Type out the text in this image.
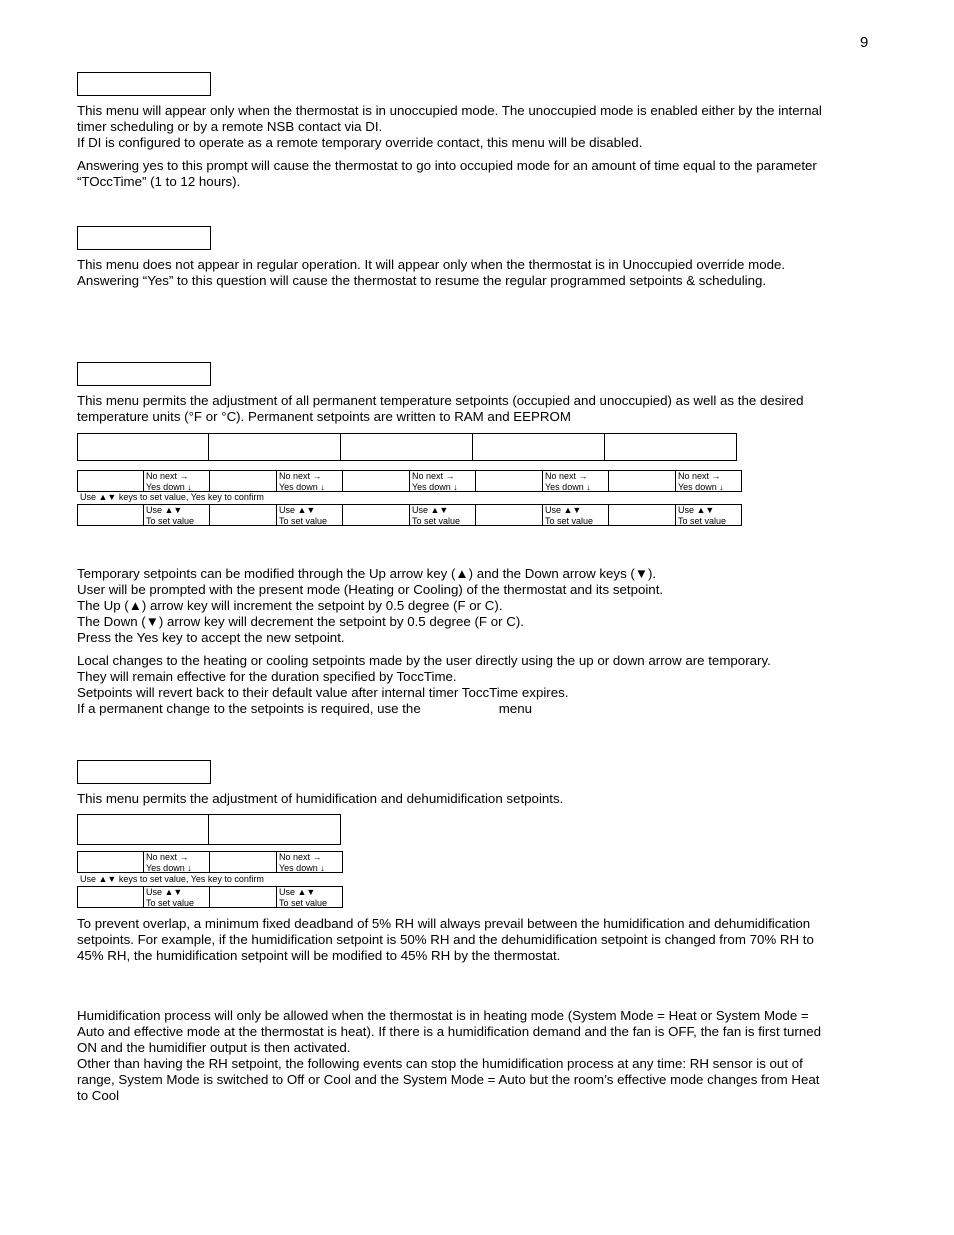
9
This menu will appear only when the thermostat is in unoccupied mode. The unoccupied mode is enabled either by the internal
timer scheduling or by a remote NSB contact via DI.
If DI is configured to operate as a remote temporary override contact, this menu will be disabled.
Answering yes to this prompt will cause the thermostat to go into occupied mode for an amount of time equal to the parameter
“TOccTime” (1 to 12 hours).
This menu does not appear in regular operation. It will appear only when the thermostat is in Unoccupied override mode.
Answering “Yes” to this question will cause the thermostat to resume the regular programmed setpoints & scheduling.
This menu permits the adjustment of all permanent temperature setpoints (occupied and unoccupied) as well as the desired
temperature units (°F or °C). Permanent setpoints are written to RAM and EEPROM
No next →
Yes down ↓
No next →
Yes down ↓
No next →
Yes down ↓
No next →
Yes down ↓
No next →
Yes down ↓
Use ▲▼ keys to set value, Yes key to confirm
Use ▲▼
To set value
Use ▲▼
To set value
Use ▲▼
To set value
Use ▲▼
To set value
Use ▲▼
To set value
Temporary setpoints can be modified through the Up arrow key (▲) and the Down arrow keys (▼).
User will be prompted with the present mode (Heating or Cooling) of the thermostat and its setpoint.
The Up (▲) arrow key will increment the setpoint by 0.5 degree (F or C).
The Down (▼) arrow key will decrement the setpoint by 0.5 degree (F or C).
Press the Yes key to accept the new setpoint.
Local changes to the heating or cooling setpoints made by the user directly using the up or down arrow are temporary.
They will remain effective for the duration specified by ToccTime.
Setpoints will revert back to their default value after internal timer ToccTime expires.
If a permanent change to the setpoints is required, use the	menu
This menu permits the adjustment of humidification and dehumidification setpoints.
No next →
Yes down ↓
No next →
Yes down ↓
Use ▲▼ keys to set value, Yes key to confirm
Use ▲▼
To set value
Use ▲▼
To set value
To prevent overlap, a minimum fixed deadband of 5% RH will always prevail between the humidification and dehumidification
setpoints. For example, if the humidification setpoint is 50% RH and the dehumidification setpoint is changed from 70% RH to
45% RH, the humidification setpoint will be modified to 45% RH by the thermostat.
Humidification process will only be allowed when the thermostat is in heating mode (System Mode = Heat or System Mode =
Auto and effective mode at the thermostat is heat). If there is a humidification demand and the fan is OFF, the fan is first turned
ON and the humidifier output is then activated.
Other than having the RH setpoint, the following events can stop the humidification process at any time: RH sensor is out of
range, System Mode is switched to Off or Cool and the System Mode = Auto but the room’s effective mode changes from Heat
to Cool
